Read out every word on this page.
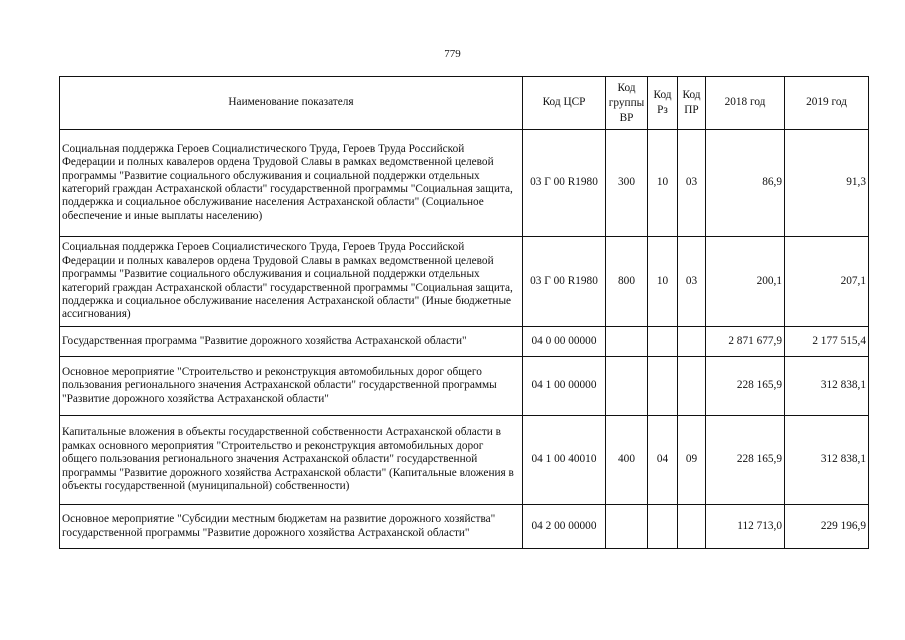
779
Наименование показателя	Код ЦСР	Код группы ВР	Код Рз	Код ПР	2018 год	2019 год
Социальная поддержка Героев Социалистического Труда, Героев Труда Российской Федерации и полных кавалеров ордена Трудовой Славы в рамках ведомственной целевой программы "Развитие социального обслуживания и социальной поддержки отдельных категорий граждан Астраханской области" государственной программы "Социальная защита, поддержка и социальное обслуживание населения Астраханской области" (Социальное обеспечение и иные выплаты населению)	03 Г 00 R1980	300	10	03	86,9	91,3
Социальная поддержка Героев Социалистического Труда, Героев Труда Российской Федерации и полных кавалеров ордена Трудовой Славы в рамках ведомственной целевой программы "Развитие социального обслуживания и социальной поддержки отдельных категорий граждан Астраханской области" государственной программы "Социальная защита, поддержка и социальное обслуживание населения Астраханской области" (Иные бюджетные ассигнования)	03 Г 00 R1980	800	10	03	200,1	207,1
Государственная программа "Развитие дорожного хозяйства Астраханской области"	04 0 00 00000				2 871 677,9	2 177 515,4
Основное мероприятие "Строительство и реконструкция автомобильных дорог общего пользования регионального значения Астраханской области" государственной программы "Развитие дорожного хозяйства Астраханской области"	04 1 00 00000				228 165,9	312 838,1
Капитальные вложения в объекты государственной собственности Астраханской области в рамках основного мероприятия "Строительство и реконструкция автомобильных дорог общего пользования регионального значения Астраханской области" государственной программы "Развитие дорожного хозяйства Астраханской области" (Капитальные вложения в объекты государственной (муниципальной) собственности)	04 1 00 40010	400	04	09	228 165,9	312 838,1
Основное мероприятие "Субсидии местным бюджетам на развитие дорожного хозяйства" государственной программы "Развитие дорожного хозяйства Астраханской области"	04 2 00 00000				112 713,0	229 196,9
